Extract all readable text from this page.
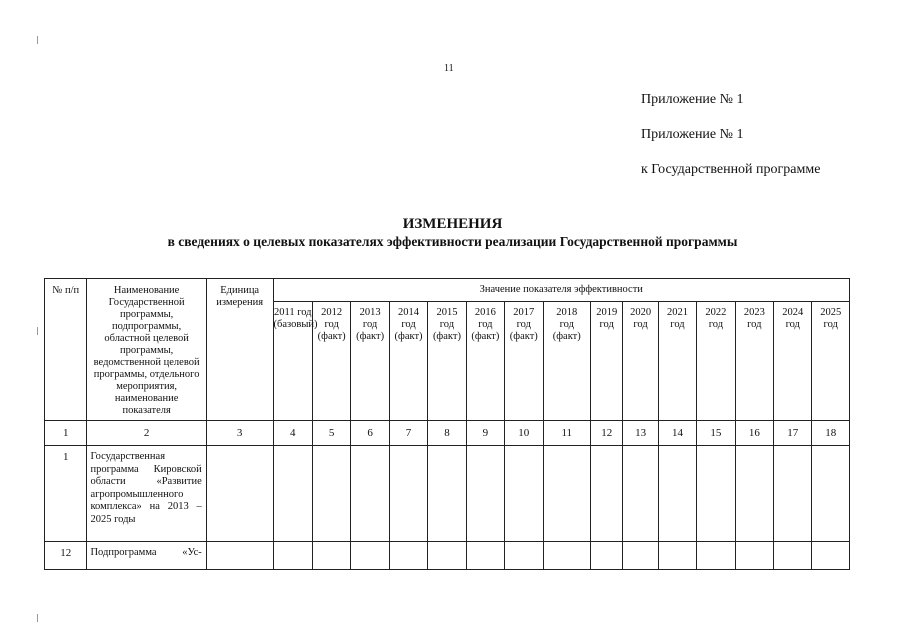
11
Приложение № 1
Приложение № 1
к Государственной программе
ИЗМЕНЕНИЯ
в сведениях о целевых показателях эффективности реализации Государственной программы
№ п/п	Наименование Государственной программы, подпрограммы, областной целевой программы, ведомственной целевой программы, отдельного мероприятия, наименование показателя	Единица измерения	Значение показателя эффективности														
			2011 год (базовый)	2012 год (факт)	2013 год (факт)	2014 год (факт)	2015 год (факт)	2016 год (факт)	2017 год (факт)	2018 год (факт)	2019 год	2020 год	2021 год	2022 год	2023 год	2024 год	2025 год
1	2	3	4	5	6	7	8	9	10	11	12	13	14	15	16	17	18
1	Государственная программа Кировской области «Развитие агропромышленного комплекса» на 2013 – 2025 годы																
12	Подпрограмма «Ус-																
